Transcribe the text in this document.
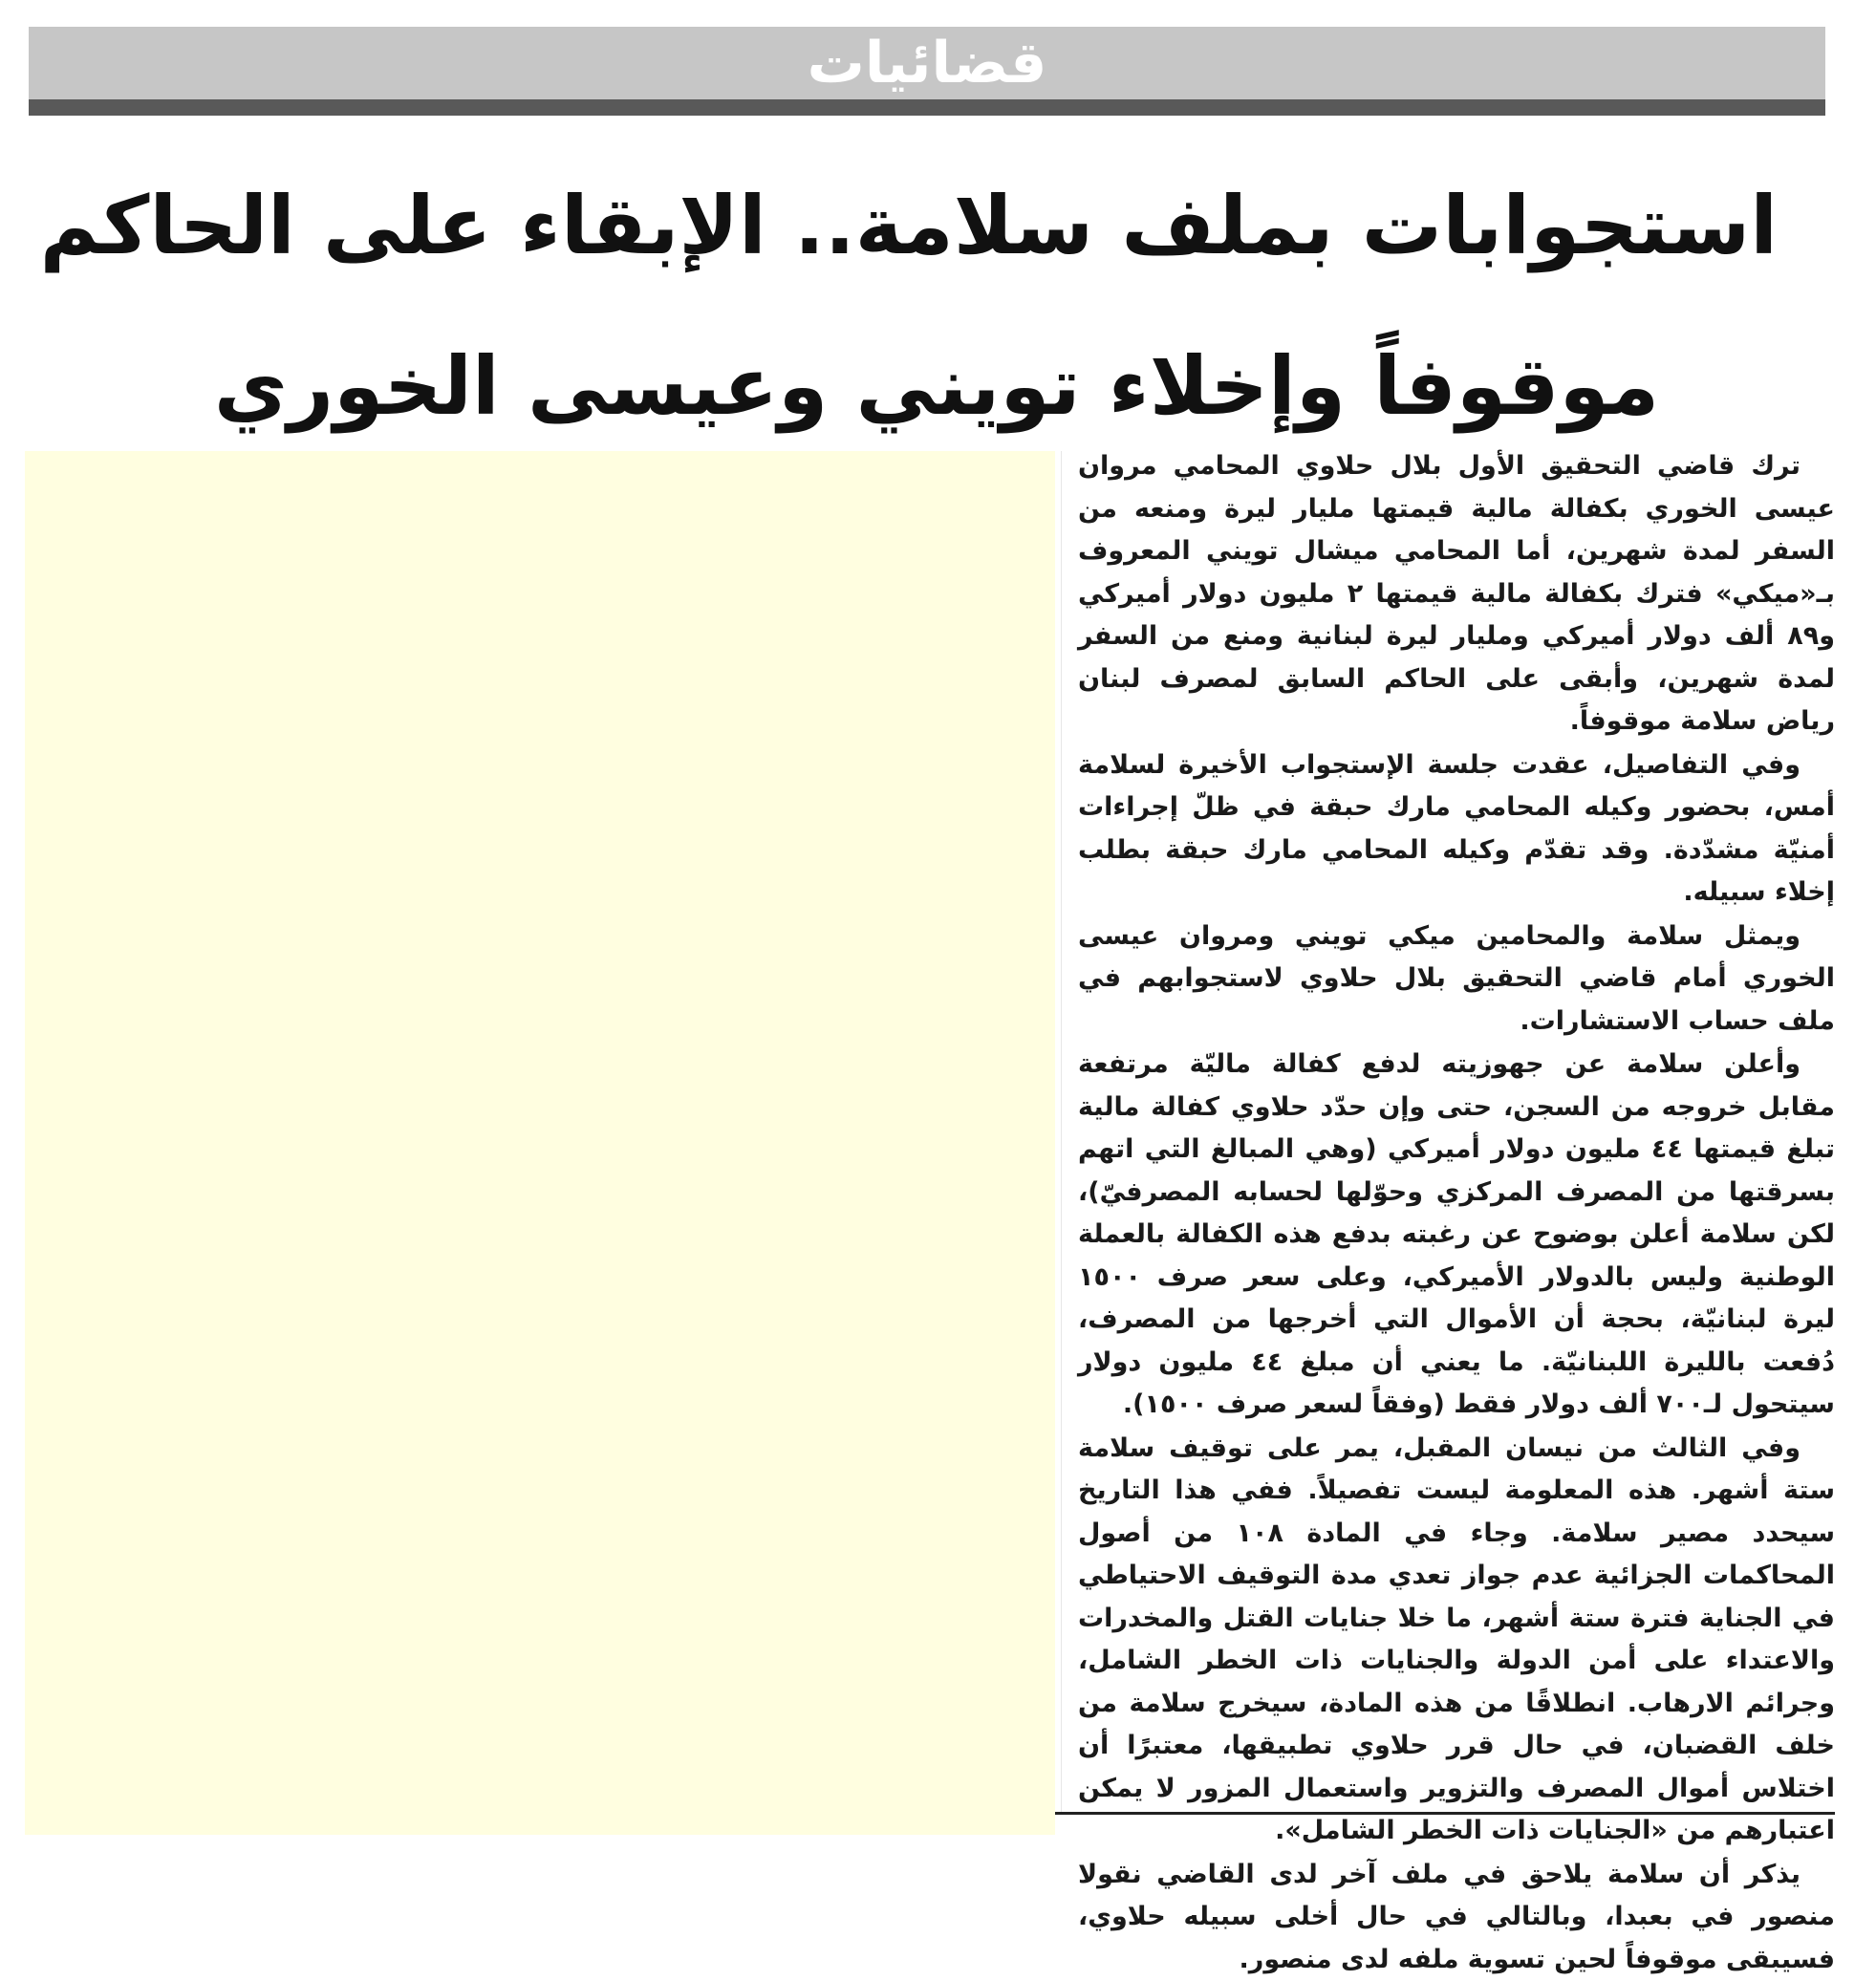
قضائيات
استجوابات بملف سلامة.. الإبقاء على الحاكم
موقوفاً وإخلاء تويني وعيسى الخوري

ترك قاضي التحقيق الأول بلال حلاوي المحامي مروان عيسى الخوري بكفالة مالية قيمتها مليار ليرة ومنعه من السفر لمدة شهرين، أما المحامي ميشال تويني المعروف بـ«ميكي» فترك بكفالة مالية قيمتها ٢ مليون دولار أميركي و٨٩ ألف دولار أميركي ومليار ليرة لبنانية ومنع من السفر لمدة شهرين، وأبقى على الحاكم السابق لمصرف لبنان رياض سلامة موقوفاً.

وفي التفاصيل، عقدت جلسة الإستجواب الأخيرة لسلامة أمس، بحضور وكيله المحامي مارك حبقة في ظلّ إجراءات أمنيّة مشدّدة. وقد تقدّم وكيله المحامي مارك حبقة بطلب إخلاء سبيله.

ويمثل سلامة والمحامين ميكي تويني ومروان عيسى الخوري أمام قاضي التحقيق بلال حلاوي لاستجوابهم في ملف حساب الاستشارات.

وأعلن سلامة عن جهوزيته لدفع كفالة ماليّة مرتفعة مقابل خروجه من السجن، حتى وإن حدّد حلاوي كفالة مالية تبلغ قيمتها ٤٤ مليون دولار أميركي (وهي المبالغ التي اتهم بسرقتها من المصرف المركزي وحوّلها لحسابه المصرفيّ)، لكن سلامة أعلن بوضوح عن رغبته بدفع هذه الكفالة بالعملة الوطنية وليس بالدولار الأميركي، وعلى سعر صرف ١٥٠٠ ليرة لبنانيّة، بحجة أن الأموال التي أخرجها من المصرف، دُفعت بالليرة اللبنانيّة. ما يعني أن مبلغ ٤٤ مليون دولار سيتحول لـ٧٠٠ ألف دولار فقط (وفقاً لسعر صرف ١٥٠٠).

وفي الثالث من نيسان المقبل، يمر على توقيف سلامة ستة أشهر. هذه المعلومة ليست تفصيلاً. ففي هذا التاريخ سيحدد مصير سلامة. وجاء في المادة ١٠٨ من أصول المحاكمات الجزائية عدم جواز تعدي مدة التوقيف الاحتياطي في الجناية فترة ستة أشهر، ما خلا جنايات القتل والمخدرات والاعتداء على أمن الدولة والجنايات ذات الخطر الشامل، وجرائم الارهاب. انطلاقًا من هذه المادة، سيخرج سلامة من خلف القضبان، في حال قرر حلاوي تطبيقها، معتبرًا أن اختلاس أموال المصرف والتزوير واستعمال المزور لا يمكن اعتبارهم من «الجنايات ذات الخطر الشامل».

يذكر أن سلامة يلاحق في ملف آخر لدى القاضي نقولا منصور في بعبدا، وبالتالي في حال أخلى سبيله حلاوي، فسيبقى موقوفاً لحين تسوية ملفه لدى منصور.
